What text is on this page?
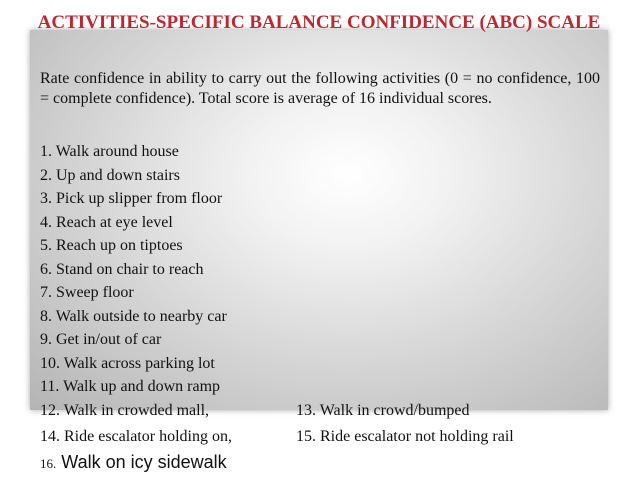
ACTIVITIES-SPECIFIC BALANCE CONFIDENCE (ABC) SCALE

Rate confidence in ability to carry out the following activities (0 = no confidence, 100 = complete confidence). Total score is average of 16 individual scores.

1. Walk around house
2. Up and down stairs
3. Pick up slipper from floor
4. Reach at eye level
5. Reach up on tiptoes
6. Stand on chair to reach
7. Sweep floor
8. Walk outside to nearby car
9. Get in/out of car
10. Walk across parking lot
11. Walk up and down ramp
12. Walk in crowded mall,	13. Walk in crowd/bumped
14. Ride escalator holding on,	15. Ride escalator not holding rail
16. Walk on icy sidewalk
